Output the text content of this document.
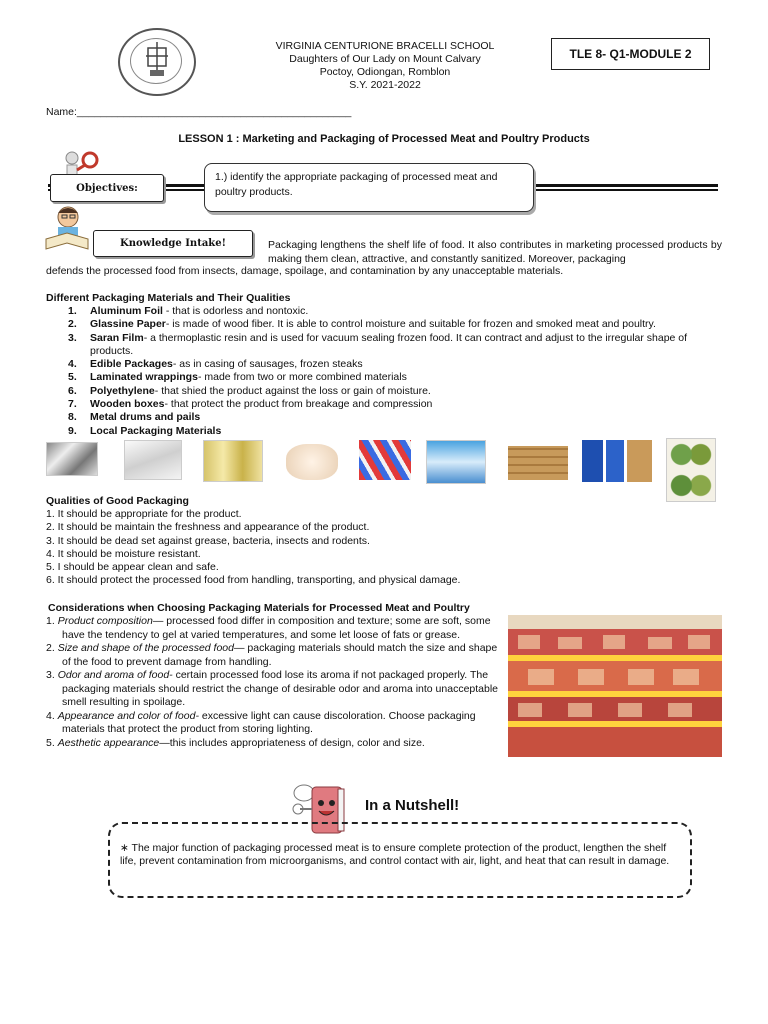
VIRGINIA CENTURIONE BRACELLI SCHOOL
Daughters of Our Lady on Mount Calvary
Poctoy, Odiongan, Romblon
S.Y. 2021-2022
TLE 8- Q1-MODULE 2
Name:_______________________________________________
LESSON 1 : Marketing and Packaging of Processed Meat and Poultry Products
Objectives:
1.) identify the appropriate packaging of processed meat and poultry products.
Knowledge Intake!	Packaging lengthens the shelf life of food. It also contributes in marketing processed products by making them clean, attractive, and constantly sanitized. Moreover, packaging
defends the processed food from insects, damage, spoilage, and contamination by any unacceptable materials.
Different Packaging Materials and Their Qualities
1. Aluminum Foil - that is odorless and nontoxic.
2. Glassine Paper- is made of wood fiber. It is able to control moisture and suitable for frozen and smoked meat and poultry.
3. Saran Film- a thermoplastic resin and is used for vacuum sealing frozen food. It can contract and adjust to the irregular shape of products.
4. Edible Packages- as in casing of sausages, frozen steaks
5. Laminated wrappings- made from two or more combined materials
6. Polyethylene- that shied the product against the loss or gain of moisture.
7. Wooden boxes- that protect the product from breakage and compression
8. Metal drums and pails
9. Local Packaging Materials
Qualities of Good Packaging
1. It should be appropriate for the product.
2. It should be maintain the freshness and appearance of the product.
3. It should be dead set against grease, bacteria, insects and rodents.
4. It should be moisture resistant.
5. I should be appear clean and safe.
6. It should protect the processed food from handling, transporting, and physical damage.
Considerations when Choosing Packaging Materials for Processed Meat and Poultry
1. Product composition— processed food differ in composition and texture; some are soft, some have the tendency to gel at varied temperatures, and some let loose of fats or grease.
2. Size and shape of the processed food— packaging materials should match the size and shape of the food to prevent damage from handling.
3. Odor and aroma of food- certain processed food lose its aroma if not packaged properly. The packaging materials should restrict the change of desirable odor and aroma into unacceptable smell resulting in spoilage.
4. Appearance and color of food- excessive light can cause discoloration. Choose packaging materials that protect the product from storing lighting.
5. Aesthetic appearance—this includes appropriateness of design, color and size.
In a Nutshell!
∗ The major function of packaging processed meat is to ensure complete protection of the product, lengthen the shelf life, prevent contamination from microorganisms, and control contact with air, light, and heat that can result in damage.
